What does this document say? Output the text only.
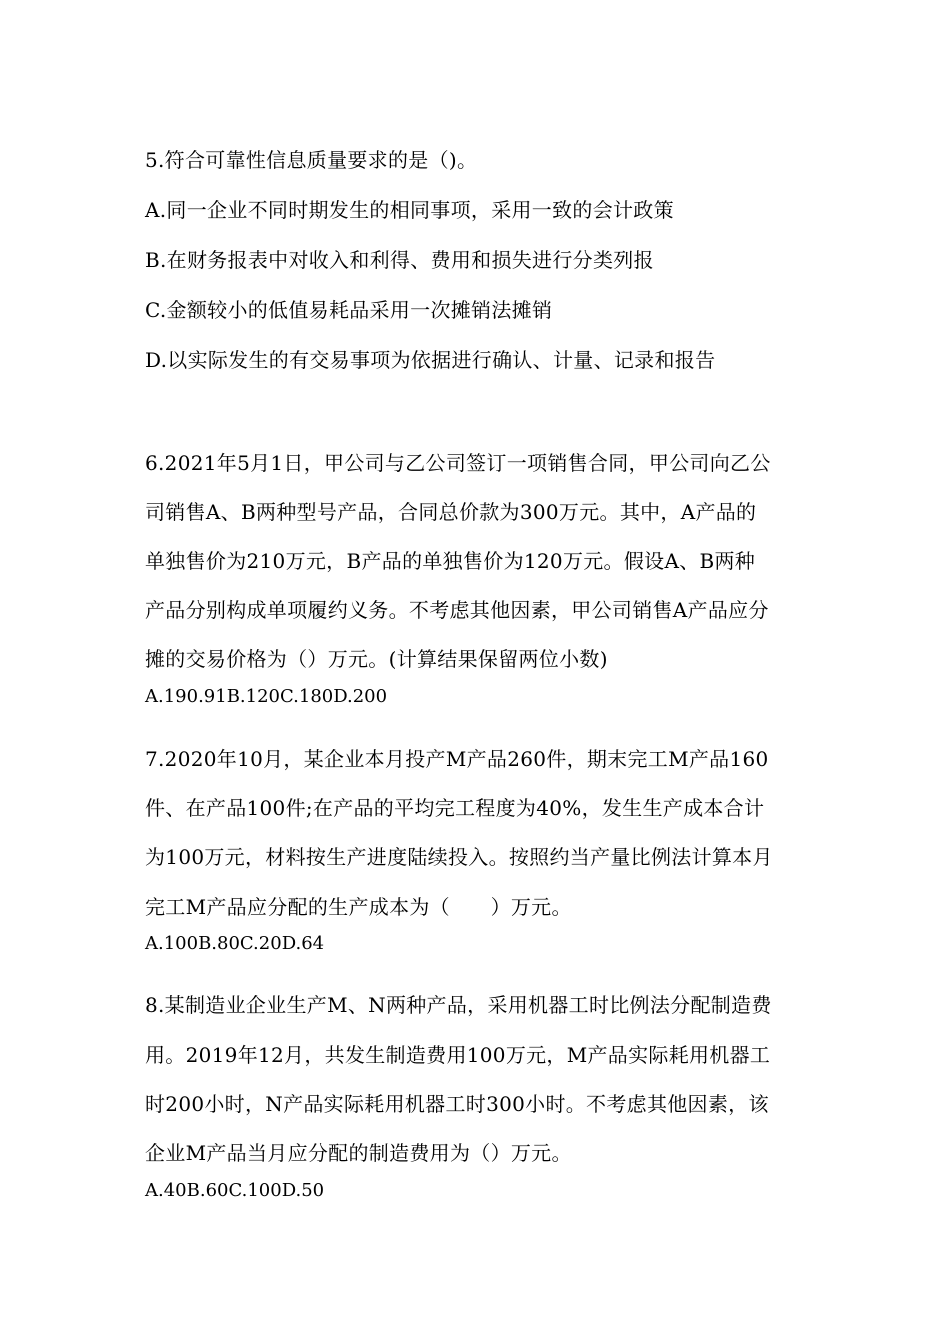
5.符合可靠性信息质量要求的是（)。
A.同一企业不同时期发生的相同事项，采用一致的会计政策
B.在财务报表中对收入和利得、费用和损失进行分类列报
C.金额较小的低值易耗品采用一次摊销法摊销
D.以实际发生的有交易事项为依据进行确认、计量、记录和报告
6.2021年5月1日，甲公司与乙公司签订一项销售合同，甲公司向乙公
司销售A、B两种型号产品，合同总价款为300万元。其中，A产品的
单独售价为210万元，B产品的单独售价为120万元。假设A、B两种
产品分别构成单项履约义务。不考虑其他因素，甲公司销售A产品应分
摊的交易价格为（）万元。(计算结果保留两位小数)
A.190.91B.120C.180D.200
7.2020年10月，某企业本月投产M产品260件，期末完工M产品160
件、在产品100件;在产品的平均完工程度为40%，发生生产成本合计
为100万元，材料按生产进度陆续投入。按照约当产量比例法计算本月
完工M产品应分配的生产成本为（　　）万元。
A.100B.80C.20D.64
8.某制造业企业生产M、N两种产品，采用机器工时比例法分配制造费
用。2019年12月，共发生制造费用100万元，M产品实际耗用机器工
时200小时，N产品实际耗用机器工时300小时。不考虑其他因素，该
企业M产品当月应分配的制造费用为（）万元。
A.40B.60C.100D.50
